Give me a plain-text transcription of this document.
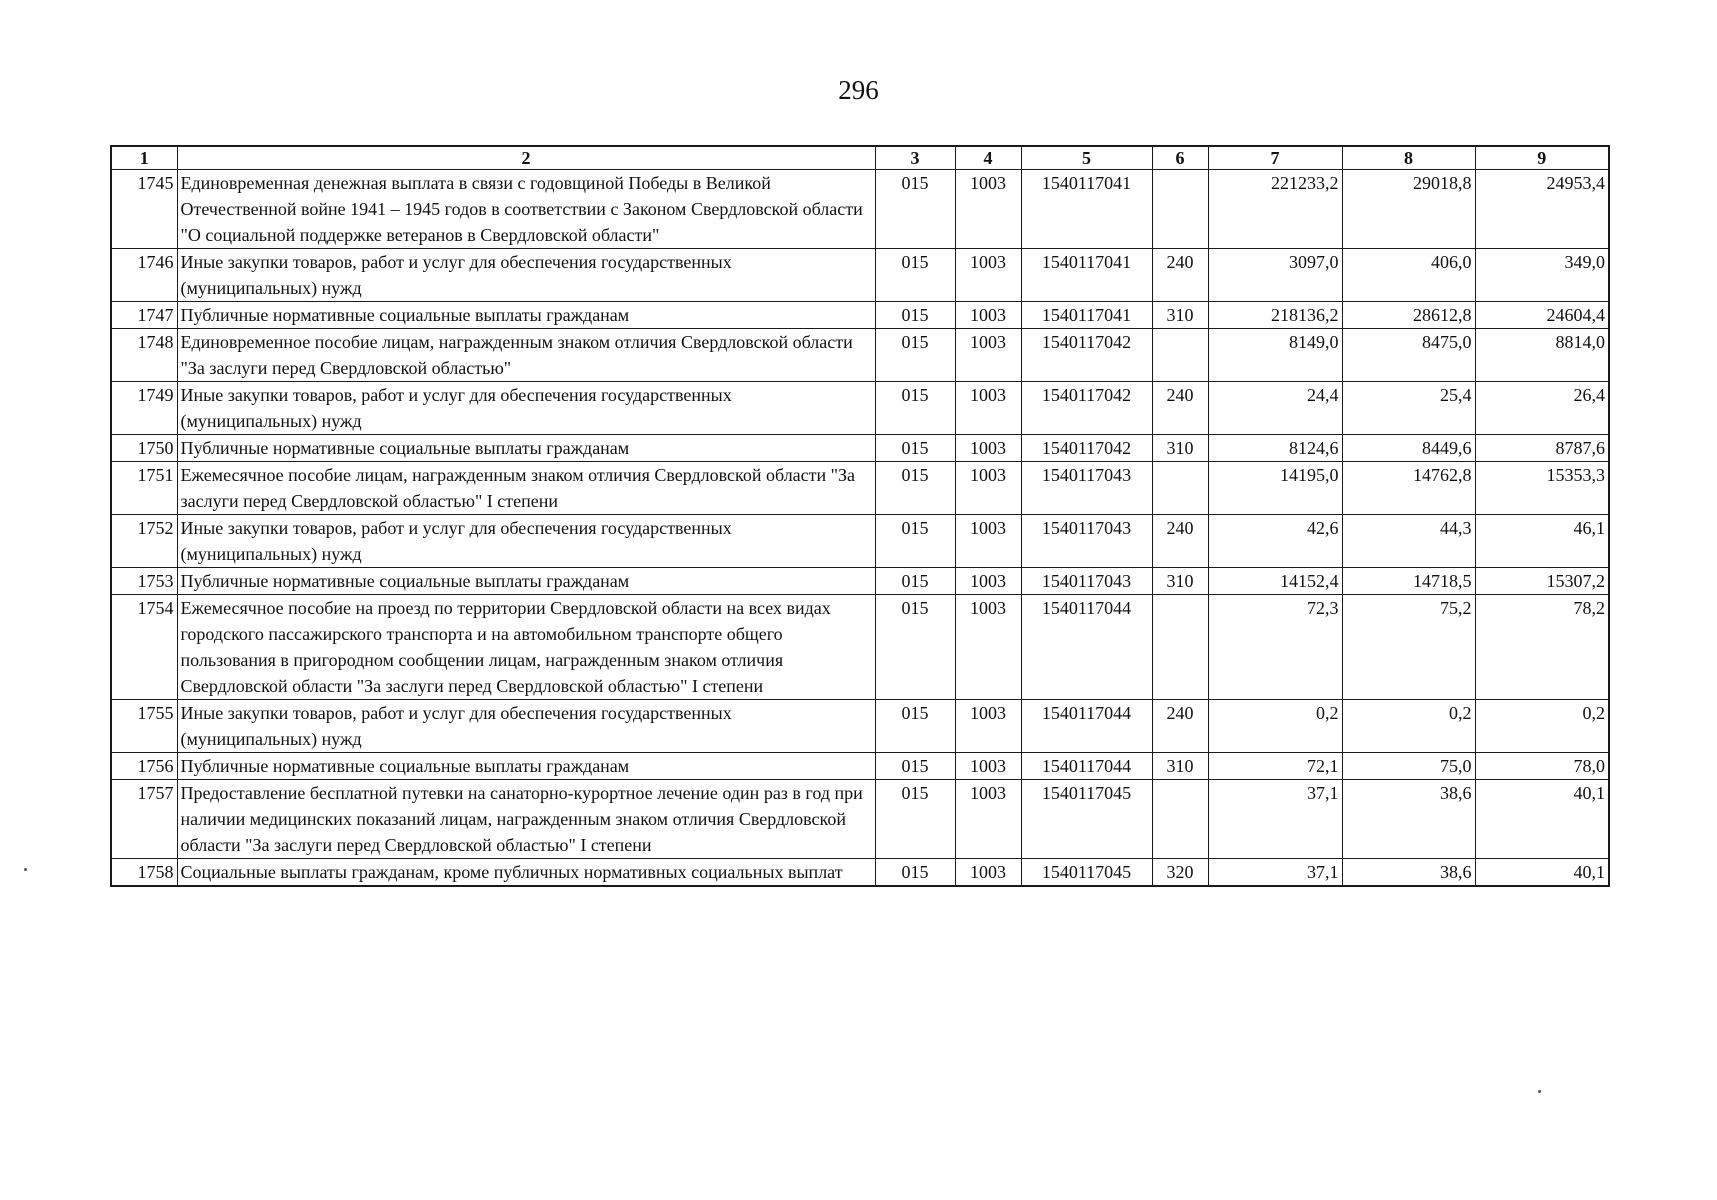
296
1	2	3	4	5	6	7	8	9
1745	Единовременная денежная выплата в связи с годовщиной Победы в Великой Отечественной войне 1941 – 1945 годов в соответствии с Законом Свердловской области "О социальной поддержке ветеранов в Свердловской области"	015	1003	1540117041		221233,2	29018,8	24953,4
1746	Иные закупки товаров, работ и услуг для обеспечения государственных (муниципальных) нужд	015	1003	1540117041	240	3097,0	406,0	349,0
1747	Публичные нормативные социальные выплаты гражданам	015	1003	1540117041	310	218136,2	28612,8	24604,4
1748	Единовременное пособие лицам, награжденным знаком отличия Свердловской области "За заслуги перед Свердловской областью"	015	1003	1540117042		8149,0	8475,0	8814,0
1749	Иные закупки товаров, работ и услуг для обеспечения государственных (муниципальных) нужд	015	1003	1540117042	240	24,4	25,4	26,4
1750	Публичные нормативные социальные выплаты гражданам	015	1003	1540117042	310	8124,6	8449,6	8787,6
1751	Ежемесячное пособие лицам, награжденным знаком отличия Свердловской области "За заслуги перед Свердловской областью" I степени	015	1003	1540117043		14195,0	14762,8	15353,3
1752	Иные закупки товаров, работ и услуг для обеспечения государственных (муниципальных) нужд	015	1003	1540117043	240	42,6	44,3	46,1
1753	Публичные нормативные социальные выплаты гражданам	015	1003	1540117043	310	14152,4	14718,5	15307,2
1754	Ежемесячное пособие на проезд по территории Свердловской области на всех видах городского пассажирского транспорта и на автомобильном транспорте общего пользования в пригородном сообщении лицам, награжденным знаком отличия Свердловской области "За заслуги перед Свердловской областью" I степени	015	1003	1540117044		72,3	75,2	78,2
1755	Иные закупки товаров, работ и услуг для обеспечения государственных (муниципальных) нужд	015	1003	1540117044	240	0,2	0,2	0,2
1756	Публичные нормативные социальные выплаты гражданам	015	1003	1540117044	310	72,1	75,0	78,0
1757	Предоставление бесплатной путевки на санаторно-курортное лечение один раз в год при наличии медицинских показаний лицам, награжденным знаком отличия Свердловской области "За заслуги перед Свердловской областью" I степени	015	1003	1540117045		37,1	38,6	40,1
1758	Социальные выплаты гражданам, кроме публичных нормативных социальных выплат	015	1003	1540117045	320	37,1	38,6	40,1
